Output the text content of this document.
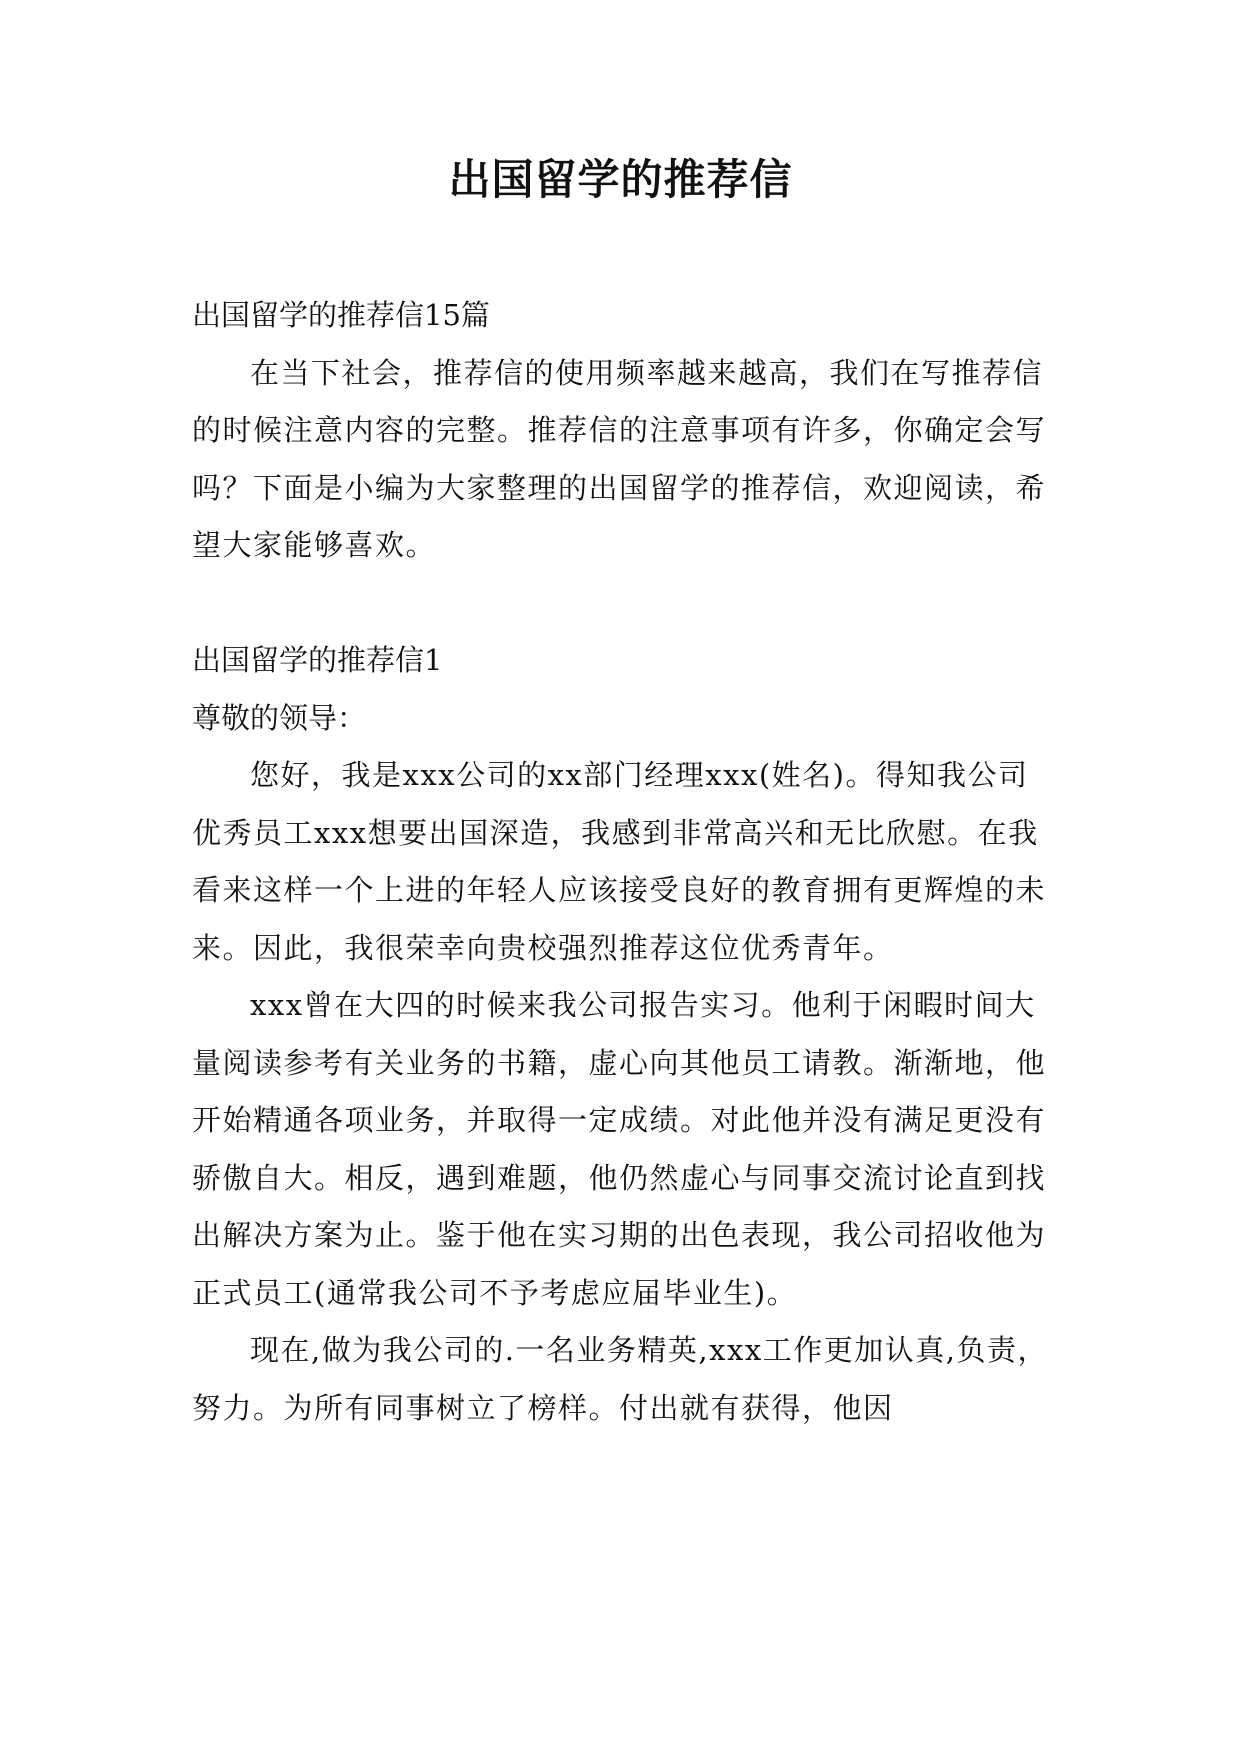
出国留学的推荐信

出国留学的推荐信15篇

在当下社会，推荐信的使用频率越来越高，我们在写推荐信的时候注意内容的完整。推荐信的注意事项有许多，你确定会写吗？下面是小编为大家整理的出国留学的推荐信，欢迎阅读，希望大家能够喜欢。

出国留学的推荐信1

尊敬的领导：

您好，我是xxx公司的xx部门经理xxx(姓名)。得知我公司优秀员工xxx想要出国深造，我感到非常高兴和无比欣慰。在我看来这样一个上进的年轻人应该接受良好的教育拥有更辉煌的未来。因此，我很荣幸向贵校强烈推荐这位优秀青年。

xxx曾在大四的时候来我公司报告实习。他利于闲暇时间大量阅读参考有关业务的书籍，虚心向其他员工请教。渐渐地，他开始精通各项业务，并取得一定成绩。对此他并没有满足更没有骄傲自大。相反，遇到难题，他仍然虚心与同事交流讨论直到找出解决方案为止。鉴于他在实习期的出色表现，我公司招收他为正式员工(通常我公司不予考虑应届毕业生)。

现在,做为我公司的.一名业务精英,xxx工作更加认真,负责，努力。为所有同事树立了榜样。付出就有获得，他因
